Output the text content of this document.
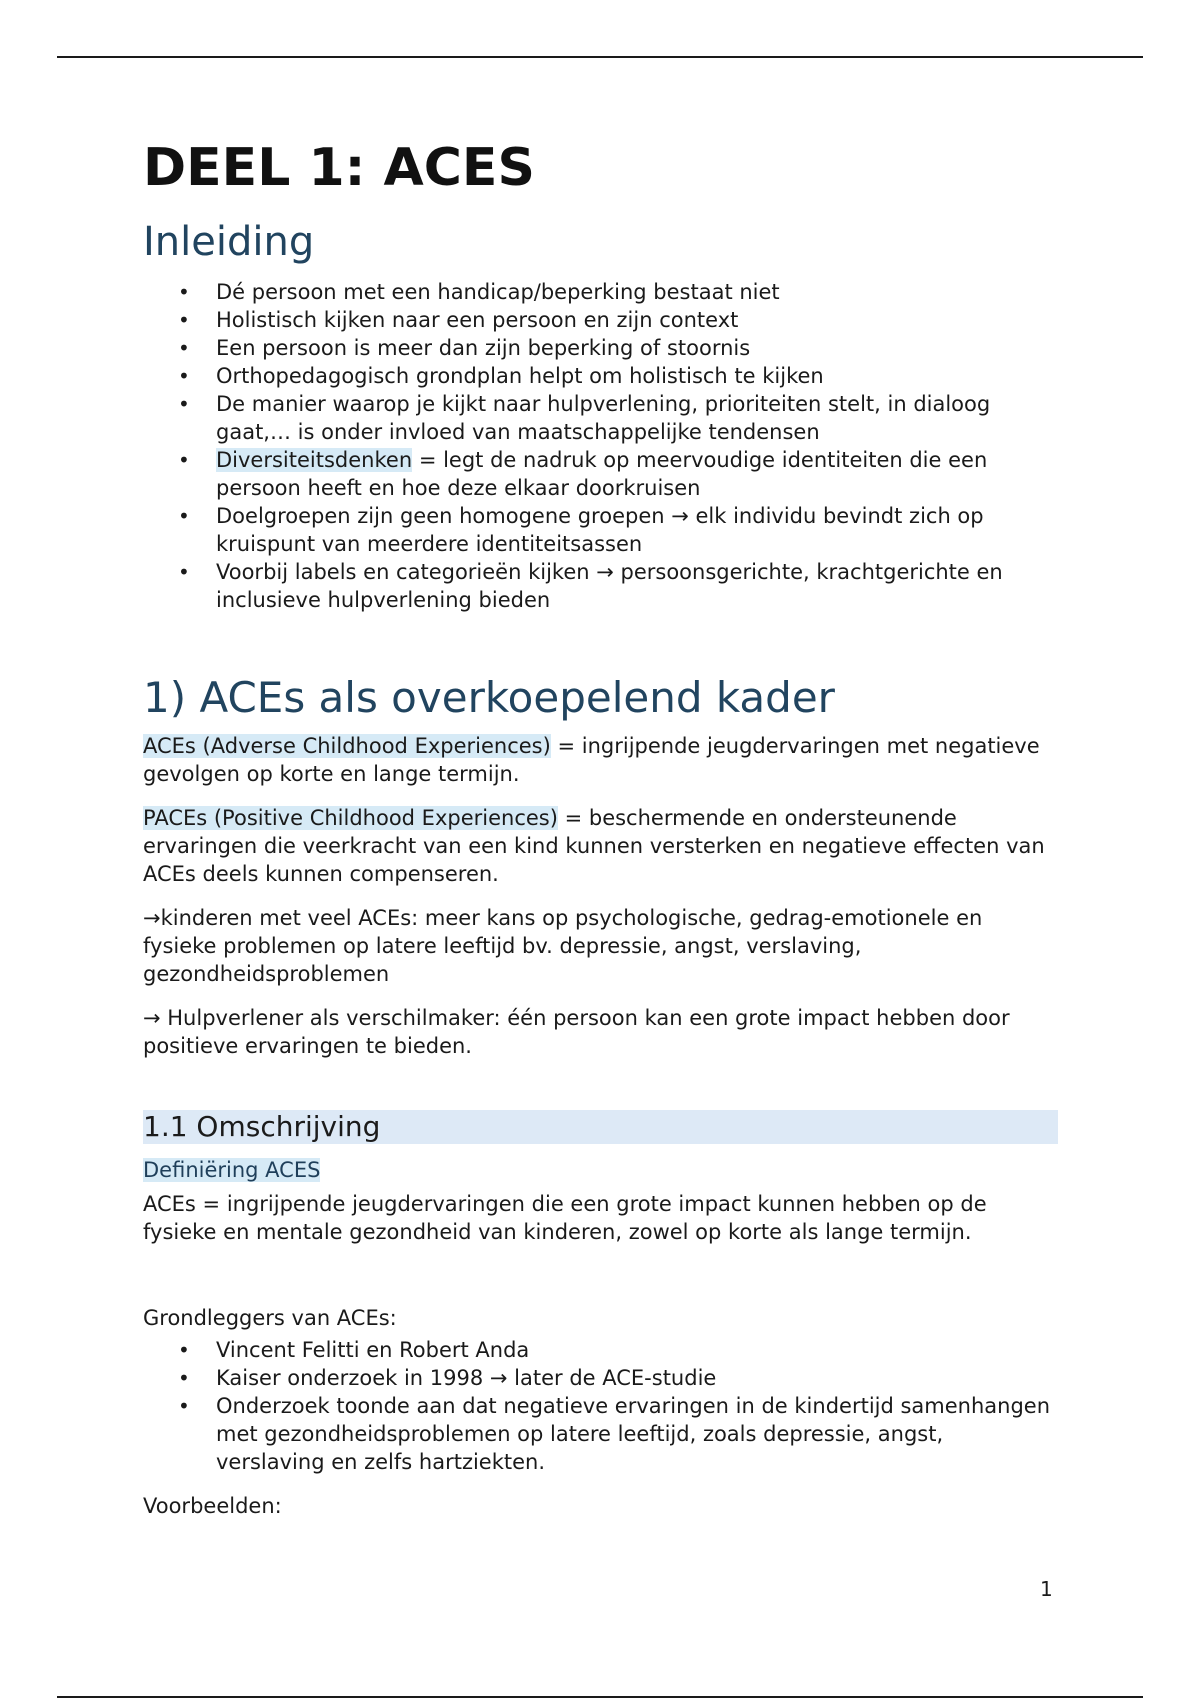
DEEL 1: ACES
Inleiding
• Dé persoon met een handicap/beperking bestaat niet
• Holistisch kijken naar een persoon en zijn context
• Een persoon is meer dan zijn beperking of stoornis
• Orthopedagogisch grondplan helpt om holistisch te kijken
• De manier waarop je kijkt naar hulpverlening, prioriteiten stelt, in dialoog gaat,… is onder invloed van maatschappelijke tendensen
• Diversiteitsdenken = legt de nadruk op meervoudige identiteiten die een persoon heeft en hoe deze elkaar doorkruisen
• Doelgroepen zijn geen homogene groepen → elk individu bevindt zich op kruispunt van meerdere identiteitsassen
• Voorbij labels en categorieën kijken → persoonsgerichte, krachtgerichte en inclusieve hulpverlening bieden
1) ACEs als overkoepelend kader

ACEs (Adverse Childhood Experiences) = ingrijpende jeugdervaringen met negatieve gevolgen op korte en lange termijn.

PACEs (Positive Childhood Experiences) = beschermende en ondersteunende ervaringen die veerkracht van een kind kunnen versterken en negatieve effecten van ACEs deels kunnen compenseren.

→kinderen met veel ACEs: meer kans op psychologische, gedrag-emotionele en fysieke problemen op latere leeftijd bv. depressie, angst, verslaving, gezondheidsproblemen

→ Hulpverlener als verschilmaker: één persoon kan een grote impact hebben door positieve ervaringen te bieden.

1.1 Omschrijving
Definiëring ACES

ACEs = ingrijpende jeugdervaringen die een grote impact kunnen hebben op de fysieke en mentale gezondheid van kinderen, zowel op korte als lange termijn.

Grondleggers van ACEs:

• Vincent Felitti en Robert Anda
• Kaiser onderzoek in 1998 → later de ACE-studie
• Onderzoek toonde aan dat negatieve ervaringen in de kindertijd samenhangen met gezondheidsproblemen op latere leeftijd, zoals depressie, angst, verslaving en zelfs hartziekten.

Voorbeelden:

1
